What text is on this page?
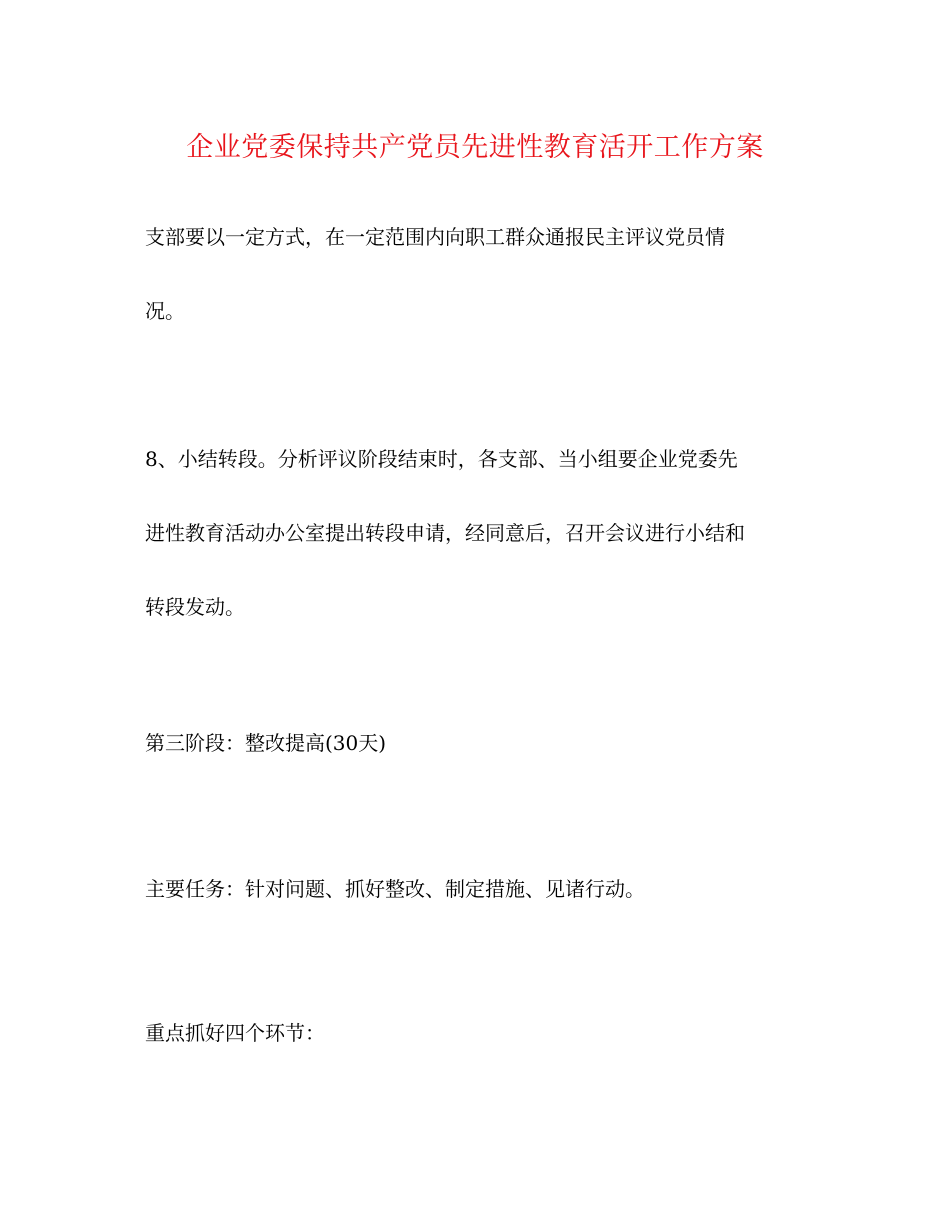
企业党委保持共产党员先进性教育活开工作方案

支部要以一定方式，在一定范围内向职工群众通报民主评议党员情
况。

8、小结转段。分析评议阶段结束时，各支部、当小组要企业党委先
进性教育活动办公室提出转段申请，经同意后，召开会议进行小结和
转段发动。

第三阶段：整改提高(30天)

主要任务：针对问题、抓好整改、制定措施、见诸行动。

重点抓好四个环节：
